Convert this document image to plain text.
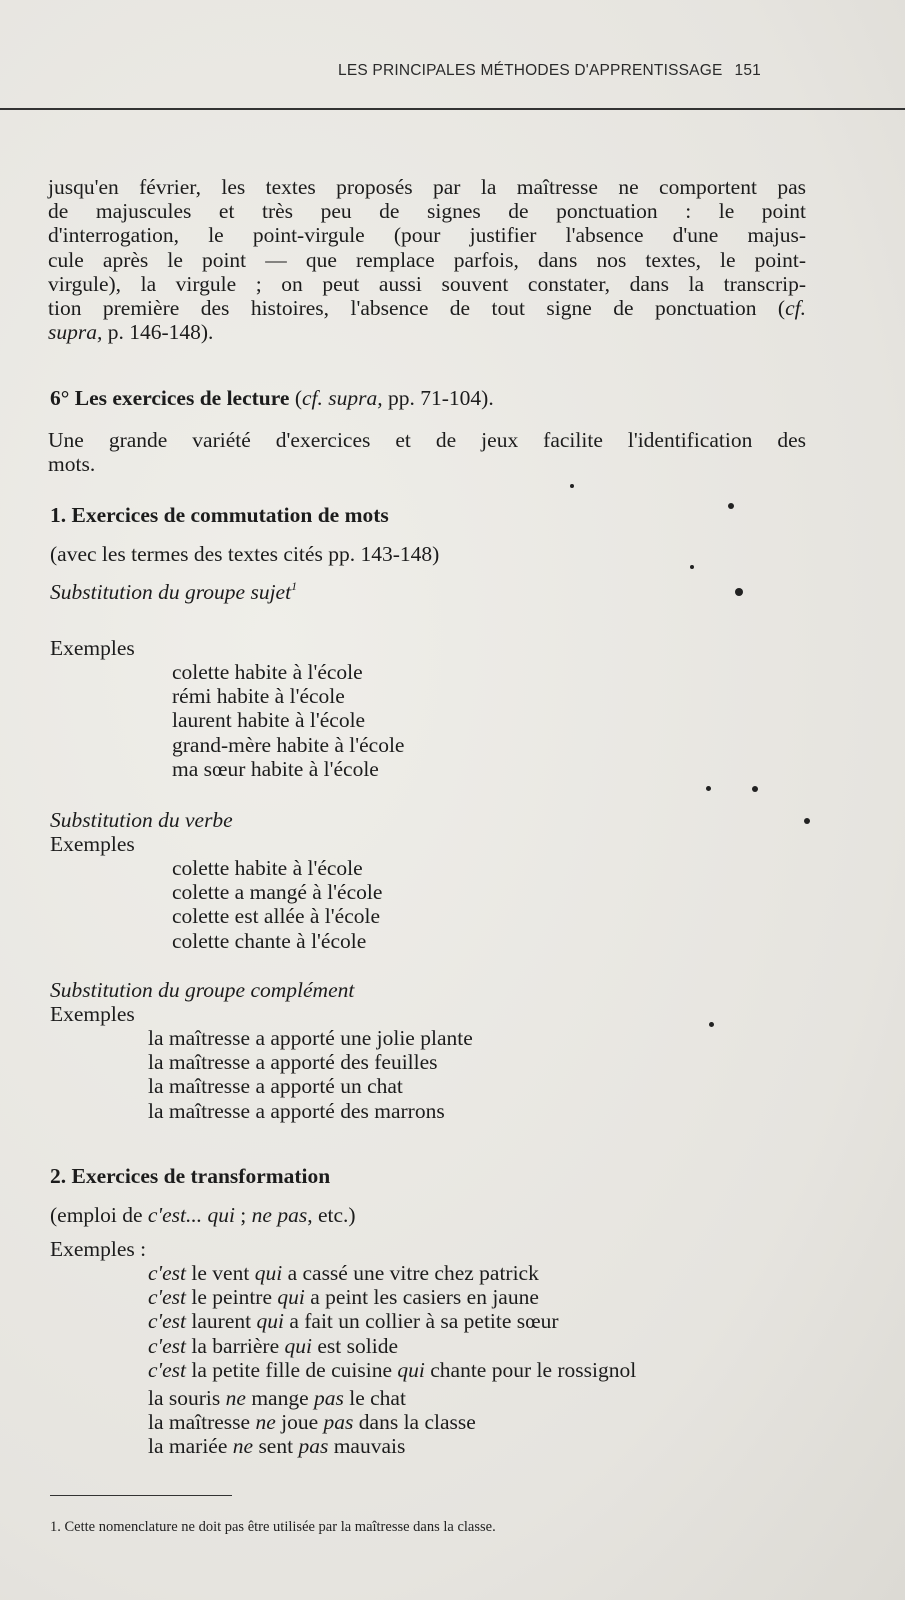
LES PRINCIPALES MÉTHODES D'APPRENTISSAGE 151
jusqu'en février, les textes proposés par la maîtresse ne comportent pas
de majuscules et très peu de signes de ponctuation : le point
d'interrogation, le point-virgule (pour justifier l'absence d'une majus-
cule après le point — que remplace parfois, dans nos textes, le point-
virgule), la virgule ; on peut aussi souvent constater, dans la transcrip-
tion première des histoires, l'absence de tout signe de ponctuation (cf.
supra, p. 146-148).
6° Les exercices de lecture (cf. supra, pp. 71-104).
Une grande variété d'exercices et de jeux facilite l'identification des
mots.
1. Exercices de commutation de mots
(avec les termes des textes cités pp. 143-148)
Substitution du groupe sujet$^1$
Exemples
colette habite à l'école
rémi habite à l'école
laurent habite à l'école
grand-mère habite à l'école
ma sœur habite à l'école
Substitution du verbe
Exemples
colette habite à l'école
colette a mangé à l'école
colette est allée à l'école
colette chante à l'école
Substitution du groupe complément
Exemples
la maîtresse a apporté une jolie plante
la maîtresse a apporté des feuilles
la maîtresse a apporté un chat
la maîtresse a apporté des marrons
2. Exercices de transformation
(emploi de c'est... qui ; ne pas, etc.)
Exemples :
c'est le vent qui a cassé une vitre chez patrick
c'est le peintre qui a peint les casiers en jaune
c'est laurent qui a fait un collier à sa petite sœur
c'est la barrière qui est solide
c'est la petite fille de cuisine qui chante pour le rossignol
la souris ne mange pas le chat
la maîtresse ne joue pas dans la classe
la mariée ne sent pas mauvais
1. Cette nomenclature ne doit pas être utilisée par la maîtresse dans la classe.
